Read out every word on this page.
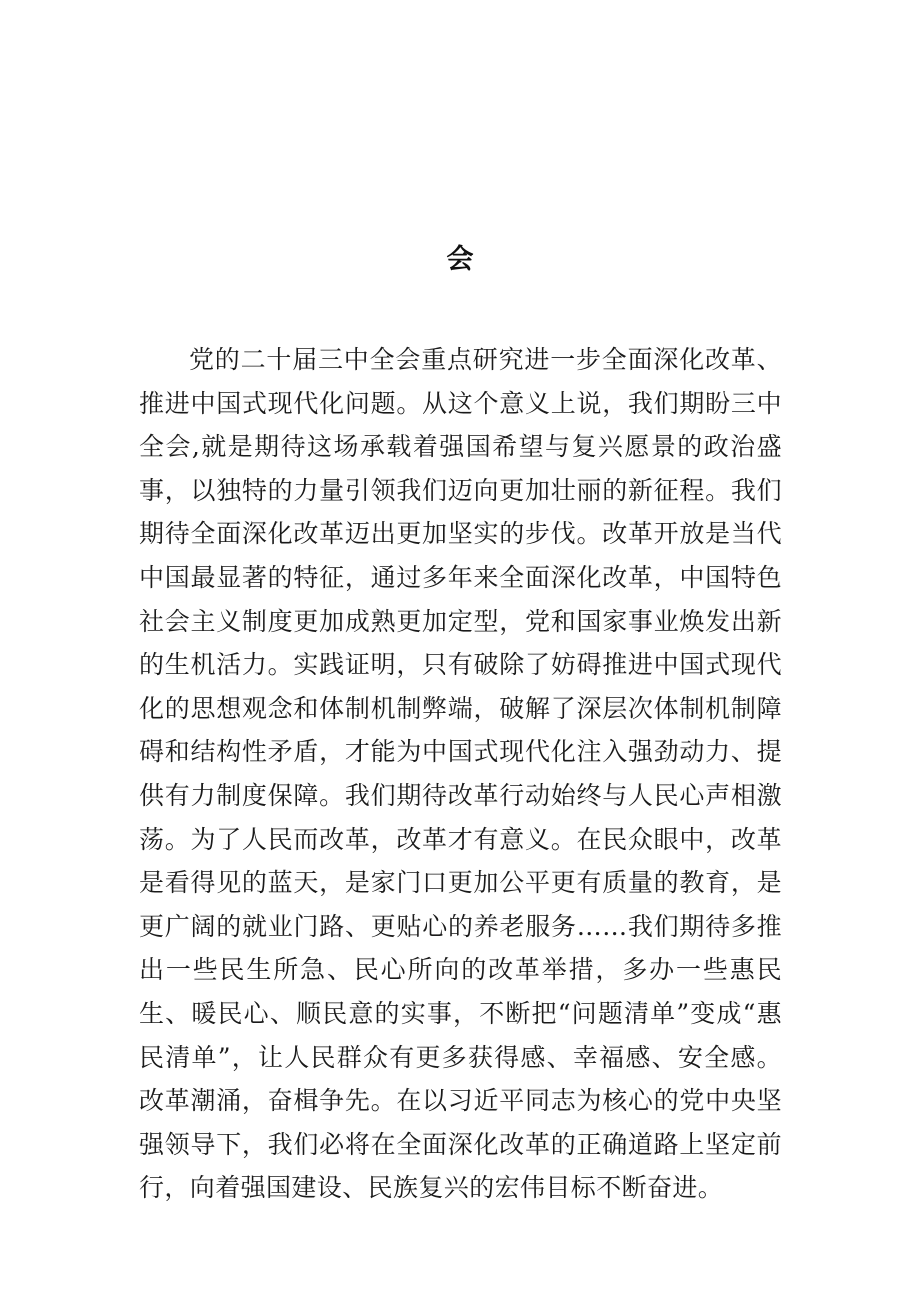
会

党的二十届三中全会重点研究进一步全面深化改革、推进中国式现代化问题。从这个意义上说，我们期盼三中全会,就是期待这场承载着强国希望与复兴愿景的政治盛事，以独特的力量引领我们迈向更加壮丽的新征程。我们期待全面深化改革迈出更加坚实的步伐。改革开放是当代中国最显著的特征，通过多年来全面深化改革，中国特色社会主义制度更加成熟更加定型，党和国家事业焕发出新的生机活力。实践证明，只有破除了妨碍推进中国式现代化的思想观念和体制机制弊端，破解了深层次体制机制障碍和结构性矛盾，才能为中国式现代化注入强劲动力、提供有力制度保障。我们期待改革行动始终与人民心声相激荡。为了人民而改革，改革才有意义。在民众眼中，改革是看得见的蓝天，是家门口更加公平更有质量的教育，是更广阔的就业门路、更贴心的养老服务……我们期待多推出一些民生所急、民心所向的改革举措，多办一些惠民生、暖民心、顺民意的实事，不断把“问题清单”变成“惠民清单”，让人民群众有更多获得感、幸福感、安全感。改革潮涌，奋楫争先。在以习近平同志为核心的党中央坚强领导下，我们必将在全面深化改革的正确道路上坚定前行，向着强国建设、民族复兴的宏伟目标不断奋进。
